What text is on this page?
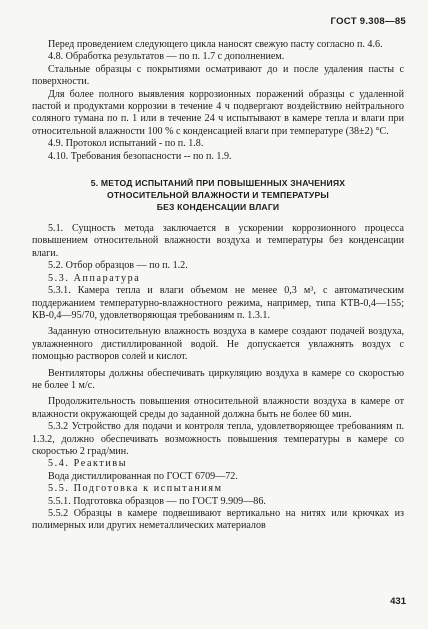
ГОСТ 9.308—85

Перед проведением следующего цикла наносят свежую пасту согласно п. 4.6.

4.8. Обработка результатов — по п. 1.7 с дополнением.

Стальные образцы с покрытиями осматривают до и после удаления пасты с поверхности.

Для более полного выявления коррозионных поражений образцы с удаленной пастой и продуктами коррозии в течение 4 ч подвергают воздействию нейтрального соляного тумана по п. 1 или в течение 24 ч испытывают в камере тепла и влаги при относительной влажности 100 % с конденсацией влаги при температуре (38±2) °С.

4.9. Протокол испытаний - по п. 1.8.

4.10. Требования безопасности -- по п. 1.9.

5. МЕТОД ИСПЫТАНИЙ ПРИ ПОВЫШЕННЫХ ЗНАЧЕНИЯХ
ОТНОСИТЕЛЬНОЙ ВЛАЖНОСТИ И ТЕМПЕРАТУРЫ
БЕЗ КОНДЕНСАЦИИ ВЛАГИ

5.1. Сущность метода заключается в ускорении коррозионного процесса повышением относительной влажности воздуха и температуры без конденсации влаги.

5.2. Отбор образцов — по п. 1.2.

5.3. Аппаратура

5.3.1. Камера тепла и влаги объемом не менее 0,3 м³, с автоматическим поддержанием температурно-влажностного режима, например, типа КТВ-0,4—155; КВ-0,4—95/70, удовлетворяющая требованиям п. 1.3.1.

Заданную относительную влажность воздуха в камере создают подачей воздуха, увлажненного дистиллированной водой. Не допускается увлажнять воздух с помощью растворов солей и кислот.

Вентиляторы должны обеспечивать циркуляцию воздуха в камере со скоростью не более 1 м/с.

Продолжительность повышения относительной влажности воздуха в камере от влажности окружающей среды до заданной должна быть не более 60 мин.

5.3.2 Устройство для подачи и контроля тепла, удовлетворяющее требованиям п. 1.3.2, должно обеспечивать возможность повышения температуры в камере со скоростью 2 град/мин.

5.4. Реактивы

Вода дистиллированная по ГОСТ 6709—72.

5.5. Подготовка к испытаниям

5.5.1. Подготовка образцов — по ГОСТ 9.909—86.

5.5.2 Образцы в камере подвешивают вертикально на нитях или крючках из полимерных или других неметаллических материалов

431
